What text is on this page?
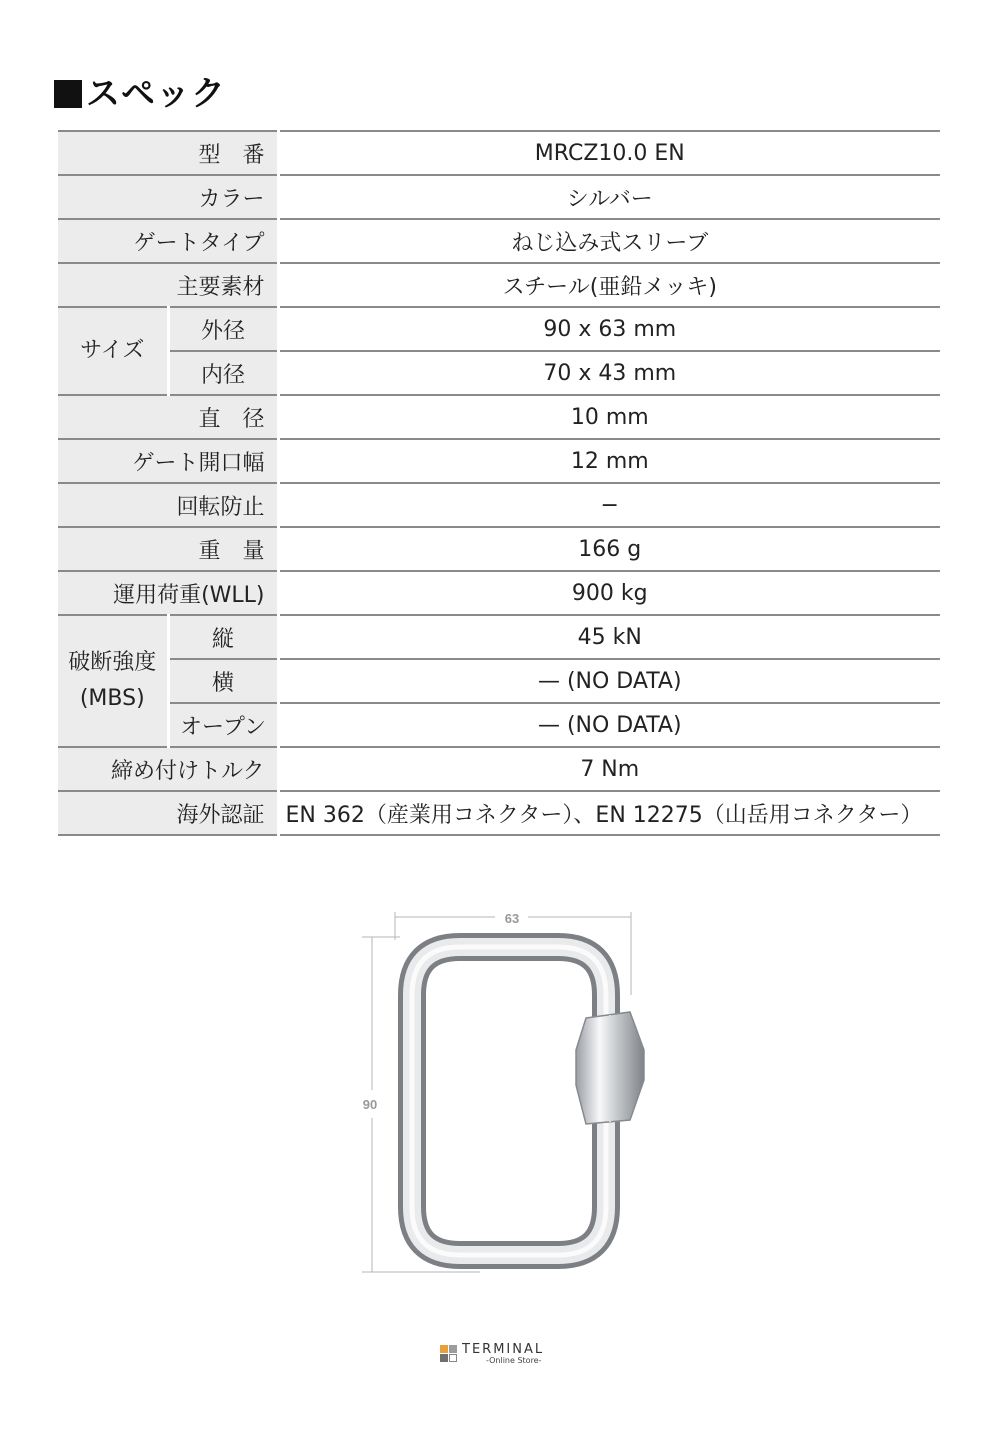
スペック
型　番		MRCZ10.0 EN
カラー		シルバー
ゲートタイプ		ねじ込み式スリーブ
主要素材		スチール(亜鉛メッキ)
サイズ	外径	90 x 63 mm
	内径	70 x 43 mm
直　径		10 mm
ゲート開口幅		12 mm
回転防止		−
重　量		166 g
運用荷重(WLL)		900 kg
破断強度
(MBS)	縦	45 kN
	横	— (NO DATA)
	オープン	— (NO DATA)
締め付けトルク		7 Nm
海外認証		EN 362（産業用コネクター）、EN 12275（山岳用コネクター）
63
90
TERMINAL
-Online Store-
